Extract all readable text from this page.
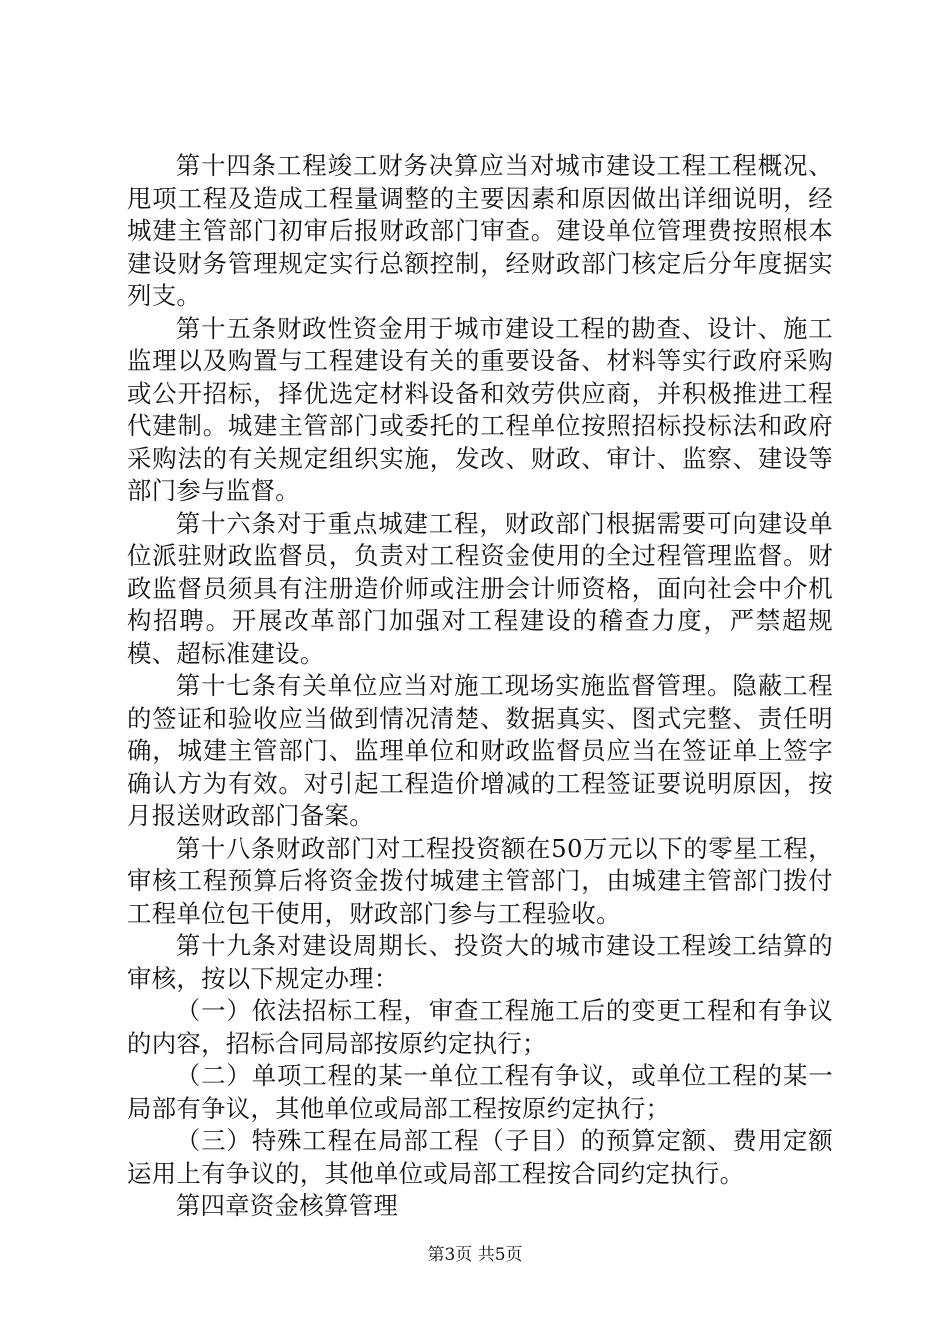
第十四条工程竣工财务决算应当对城市建设工程工程概况、甩项工程及造成工程量调整的主要因素和原因做出详细说明，经城建主管部门初审后报财政部门审查。建设单位管理费按照根本建设财务管理规定实行总额控制，经财政部门核定后分年度据实列支。

第十五条财政性资金用于城市建设工程的勘查、设计、施工监理以及购置与工程建设有关的重要设备、材料等实行政府采购或公开招标，择优选定材料设备和效劳供应商，并积极推进工程代建制。城建主管部门或委托的工程单位按照招标投标法和政府采购法的有关规定组织实施，发改、财政、审计、监察、建设等部门参与监督。

第十六条对于重点城建工程，财政部门根据需要可向建设单位派驻财政监督员，负责对工程资金使用的全过程管理监督。财政监督员须具有注册造价师或注册会计师资格，面向社会中介机构招聘。开展改革部门加强对工程建设的稽查力度，严禁超规模、超标准建设。

第十七条有关单位应当对施工现场实施监督管理。隐蔽工程的签证和验收应当做到情况清楚、数据真实、图式完整、责任明确，城建主管部门、监理单位和财政监督员应当在签证单上签字确认方为有效。对引起工程造价增减的工程签证要说明原因，按月报送财政部门备案。

第十八条财政部门对工程投资额在50万元以下的零星工程，审核工程预算后将资金拨付城建主管部门，由城建主管部门拨付工程单位包干使用，财政部门参与工程验收。

第十九条对建设周期长、投资大的城市建设工程竣工结算的审核，按以下规定办理：

（一）依法招标工程，审查工程施工后的变更工程和有争议的内容，招标合同局部按原约定执行；

（二）单项工程的某一单位工程有争议，或单位工程的某一局部有争议，其他单位或局部工程按原约定执行；

（三）特殊工程在局部工程（子目）的预算定额、费用定额运用上有争议的，其他单位或局部工程按合同约定执行。

第四章资金核算管理

第3页 共5页
